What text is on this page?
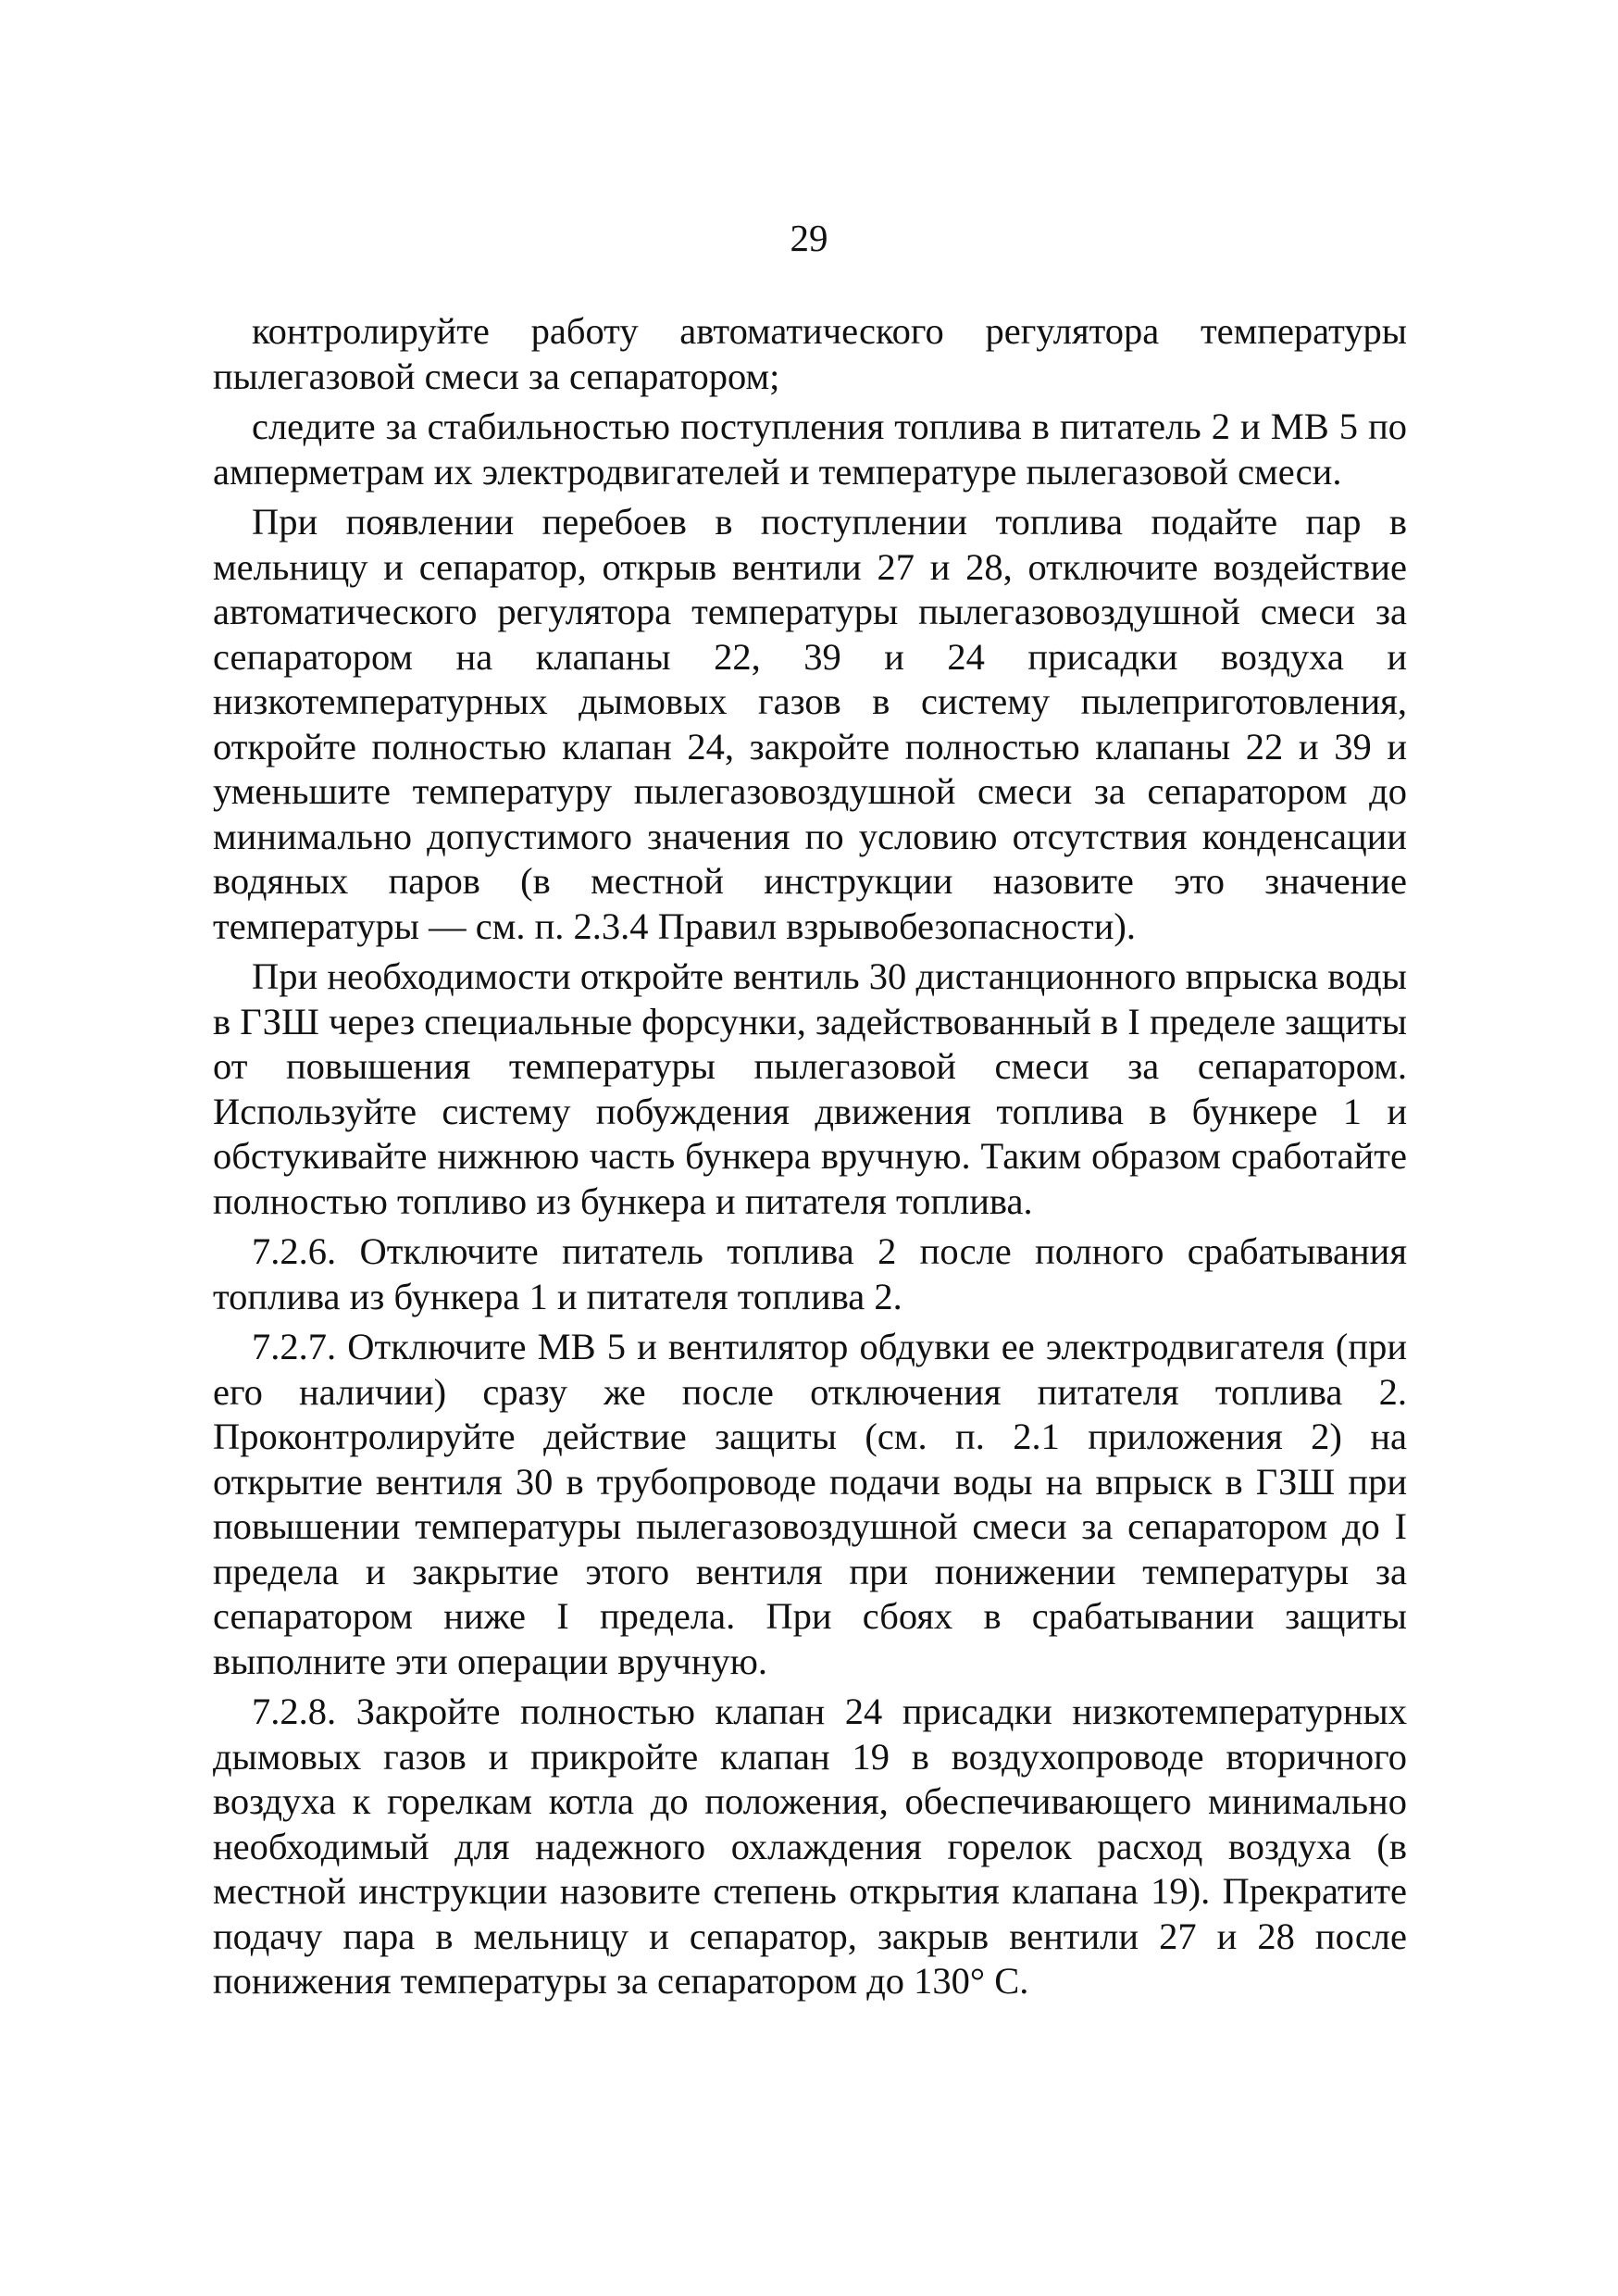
29

контролируйте работу автоматического регулятора температуры пылегазовой смеси за сепаратором;

следите за стабильностью поступления топлива в питатель 2 и МВ 5 по амперметрам их электродвигателей и температуре пылегазовой смеси.

При появлении перебоев в поступлении топлива подайте пар в мельницу и сепаратор, открыв вентили 27 и 28, отключите воздействие автоматического регулятора температуры пылегазовоздушной смеси за сепаратором на клапаны 22, 39 и 24 присадки воздуха и низкотемпературных дымовых газов в систему пылеприготовления, откройте полностью клапан 24, закройте полностью клапаны 22 и 39 и уменьшите температуру пылегазовоздушной смеси за сепаратором до минимально допустимого значения по условию отсутствия конденсации водяных паров (в местной инструкции назовите это значение температуры — см. п. 2.3.4 Правил взрывобезопасности).

При необходимости откройте вентиль 30 дистанционного впрыска воды в ГЗШ через специальные форсунки, задействованный в I пределе защиты от повышения температуры пылегазовой смеси за сепаратором. Используйте систему побуждения движения топлива в бункере 1 и обстукивайте нижнюю часть бункера вручную. Таким образом сработайте полностью топливо из бункера и питателя топлива.

7.2.6. Отключите питатель топлива 2 после полного срабатывания топлива из бункера 1 и питателя топлива 2.

7.2.7. Отключите МВ 5 и вентилятор обдувки ее электродвигателя (при его наличии) сразу же после отключения питателя топлива 2. Проконтролируйте действие защиты (см. п. 2.1 приложения 2) на открытие вентиля 30 в трубопроводе подачи воды на впрыск в ГЗШ при повышении температуры пылегазовоздушной смеси за сепаратором до I предела и закрытие этого вентиля при понижении температуры за сепаратором ниже I предела. При сбоях в срабатывании защиты выполните эти операции вручную.

7.2.8. Закройте полностью клапан 24 присадки низкотемпературных дымовых газов и прикройте клапан 19 в воздухопроводе вторичного воздуха к горелкам котла до положения, обеспечивающего минимально необходимый для надежного охлаждения горелок расход воздуха (в местной инструкции назовите степень открытия клапана 19). Прекратите подачу пара в мельницу и сепаратор, закрыв вентили 27 и 28 после понижения температуры за сепаратором до 130° С.
